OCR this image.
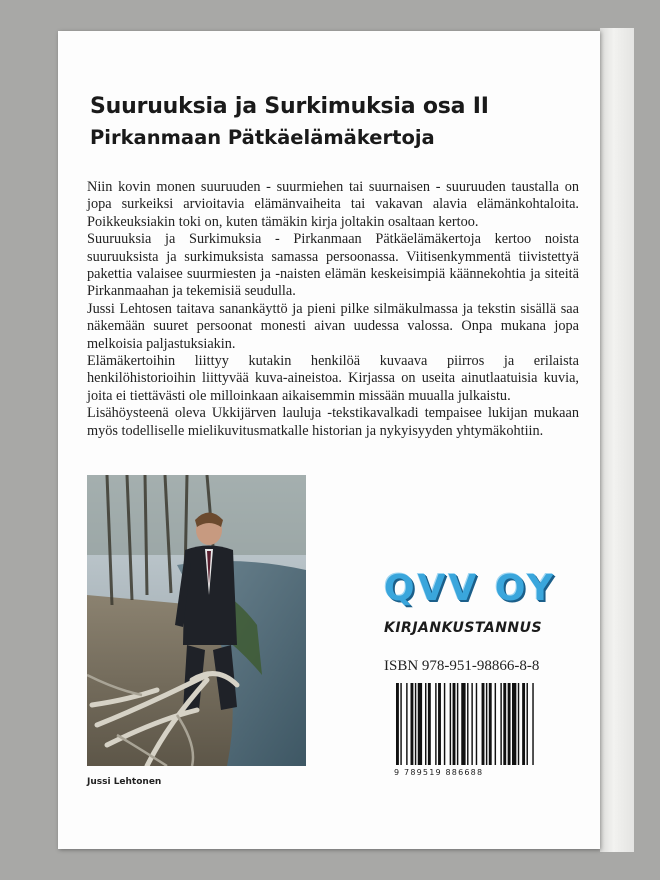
Suuruuksia ja Surkimuksia osa II
Pirkanmaan Pätkäelämäkertoja

Niin kovin monen suuruuden - suurmiehen tai suurnaisen - suuruuden taustalla on jopa surkeiksi arvioitavia elämänvaiheita tai vakavan alavia elämänkohtaloita. Poikkeuksiakin toki on, kuten tämäkin kirja joltakin osaltaan kertoo.

Suuruuksia ja Surkimuksia - Pirkanmaan Pätkäelämäkertoja kertoo noista suuruuksista ja surkimuksista samassa persoonassa. Viitisenkymmentä tiivistettyä pakettia valaisee suurmiesten ja -naisten elämän keskeisimpiä käännekohtia ja siteitä Pirkanmaahan ja tekemisiä seudulla.

Jussi Lehtosen taitava sanankäyttö ja pieni pilke silmäkulmassa ja tekstin sisällä saa näkemään suuret persoonat monesti aivan uudessa valossa. Onpa mukana jopa melkoisia paljastuksiakin.

Elämäkertoihin liittyy kutakin henkilöä kuvaava piirros ja erilaista henkilöhistorioihin liittyvää kuva-aineistoa. Kirjassa on useita ainutlaatuisia kuvia, joita ei tiettävästi ole milloinkaan aikaisemmin missään muualla julkaistu.

Lisähöysteenä oleva Ukkijärven lauluja -tekstikavalkadi tempaisee lukijan mukaan myös todelliselle mielikuvitusmatkalle historian ja nykyisyyden yhtymäkohtiin.

Jussi Lehtonen
QVV OY
KIRJANKUSTANNUS
ISBN 978-951-98866-8-8
9 789519 886688
